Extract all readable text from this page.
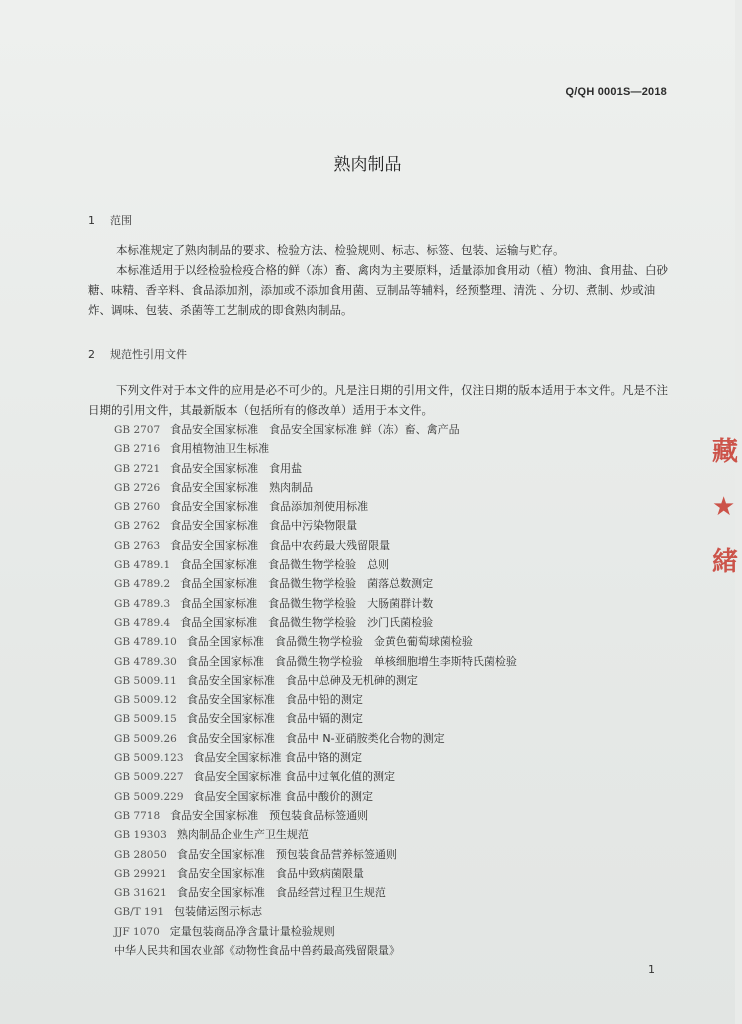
Q/QH 0001S—2018
熟肉制品
1 范围

本标准规定了熟肉制品的要求、检验方法、检验规则、标志、标签、包装、运输与贮存。

本标准适用于以经检验检疫合格的鲜（冻）畜、禽肉为主要原料，适量添加食用动（植）物油、食用盐、白砂糖、味精、香辛料、食品添加剂，添加或不添加食用菌、豆制品等辅料，经预整理、清洗 、分切、煮制、炒或油炸、调味、包装、杀菌等工艺制成的即食熟肉制品。

2 规范性引用文件

下列文件对于本文件的应用是必不可少的。凡是注日期的引用文件，仅注日期的版本适用于本文件。凡是不注日期的引用文件，其最新版本（包括所有的修改单）适用于本文件。

GB 2707 食品安全国家标准　食品安全国家标准 鲜（冻）畜、禽产品
GB 2716 食用植物油卫生标准
GB 2721 食品安全国家标准　食用盐
GB 2726 食品安全国家标准　熟肉制品
GB 2760 食品安全国家标准　食品添加剂使用标准
GB 2762 食品安全国家标准　食品中污染物限量
GB 2763 食品安全国家标准　食品中农药最大残留限量
GB 4789.1 食品全国家标准　食品微生物学检验　总则
GB 4789.2 食品全国家标准　食品微生物学检验　菌落总数测定
GB 4789.3 食品全国家标准　食品微生物学检验　大肠菌群计数
GB 4789.4 食品全国家标准　食品微生物学检验　沙门氏菌检验
GB 4789.10 食品全国家标准　食品微生物学检验　金黄色葡萄球菌检验
GB 4789.30 食品全国家标准　食品微生物学检验　单核细胞增生李斯特氏菌检验
GB 5009.11 食品安全国家标准　食品中总砷及无机砷的测定
GB 5009.12 食品安全国家标准　食品中铅的测定
GB 5009.15 食品安全国家标准　食品中镉的测定
GB 5009.26 食品安全国家标准　食品中 N-亚硝胺类化合物的测定
GB 5009.123 食品安全国家标准 食品中铬的测定
GB 5009.227 食品安全国家标准 食品中过氧化值的测定
GB 5009.229 食品安全国家标准 食品中酸价的测定
GB 7718 食品安全国家标准　预包装食品标签通则
GB 19303 熟肉制品企业生产卫生规范
GB 28050 食品安全国家标准　预包装食品营养标签通则
GB 29921 食品安全国家标准　食品中致病菌限量
GB 31621 食品安全国家标准　食品经营过程卫生规范
GB/T 191 包装储运图示标志
JJF 1070 定量包装商品净含量计量检验规则
中华人民共和国农业部《动物性食品中兽药最高残留限量》
1
藏
★
緒
